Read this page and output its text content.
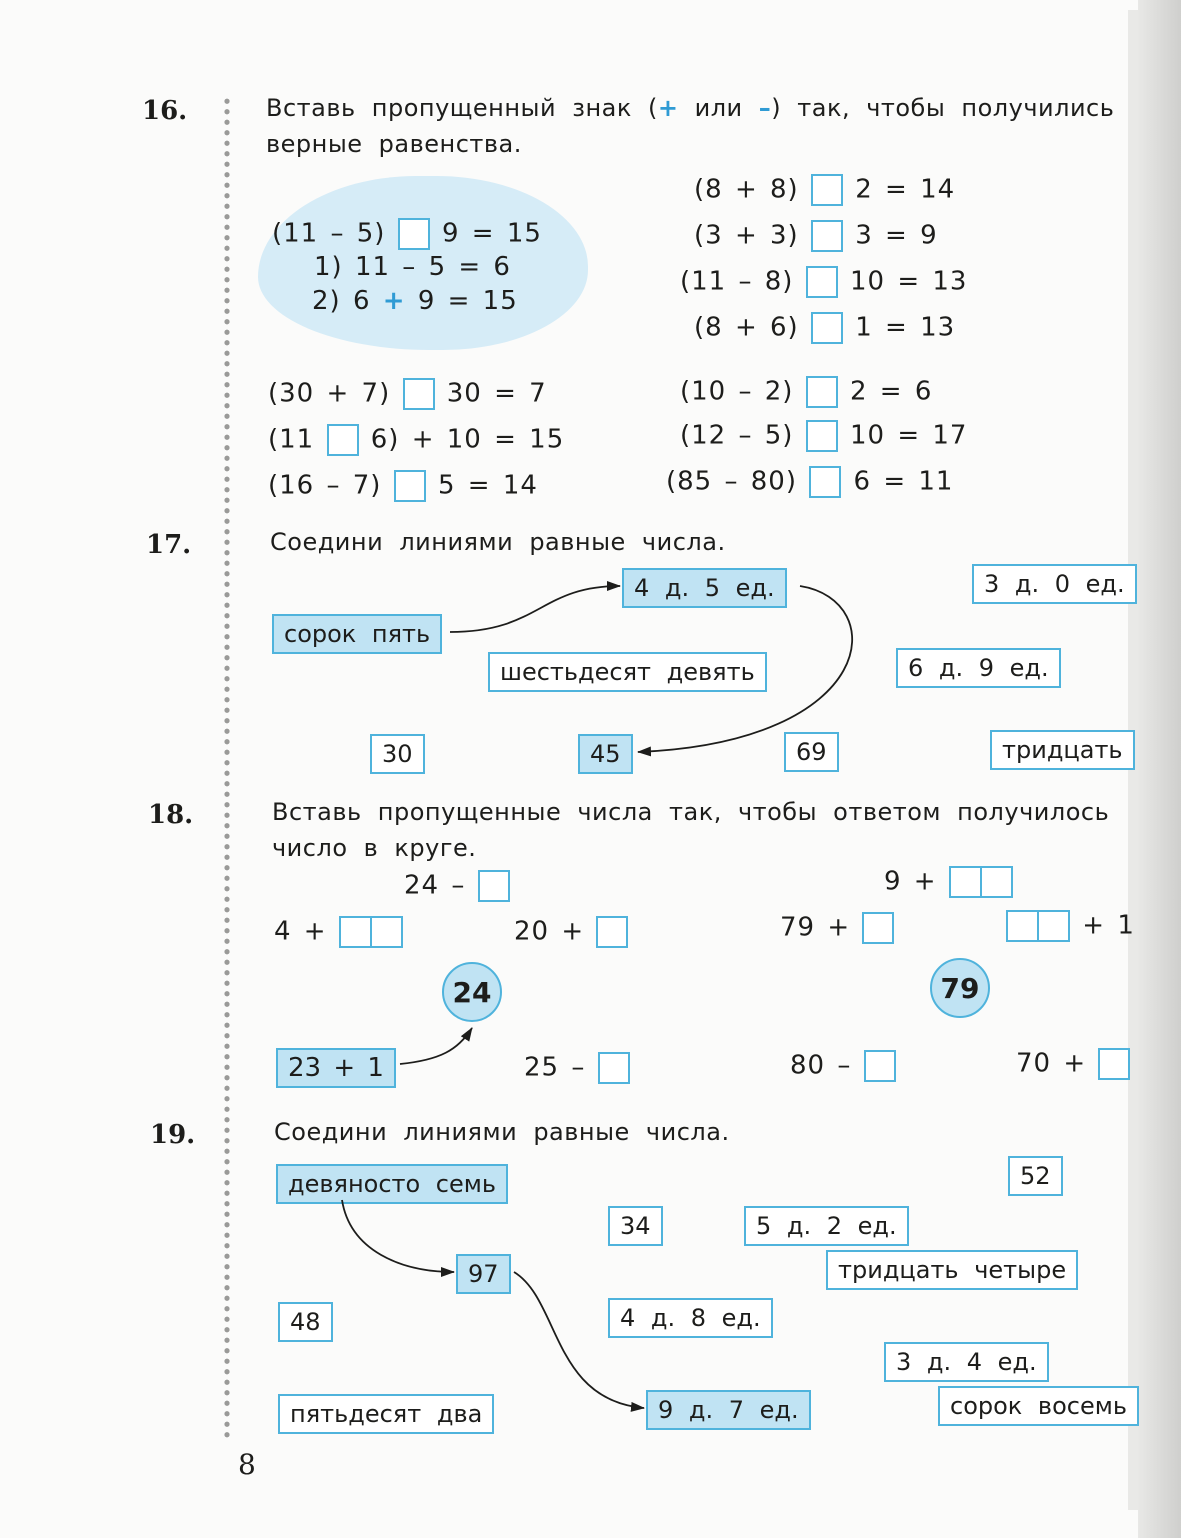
16.	Вставь пропущенный знак (+ или –) так, чтобы получились
верные равенства.
(11 – 5) 9 = 15
1) 11 – 5 = 6
2) 6 + 9 = 15
(30 + 7) 30 = 7
(11 6) + 10 = 15
(16 – 7) 5 = 14
(8 + 8) 2 = 14
(3 + 3) 3 = 9
(11 – 8) 10 = 13
(8 + 6) 1 = 13
(10 – 2) 2 = 6
(12 – 5) 10 = 17
(85 – 80) 6 = 11
17.	Соедини линиями равные числа.
4 д. 5 ед.	3 д. 0 ед.
сорок пять
шестьдесят девять	6 д. 9 ед.
30	45	69	тридцать
18.	Вставь пропущенные числа так, чтобы ответом получилось
число в круге.
24 –
4 +	20 +
9 +
79 +	+ 1
24	79
23 + 1	25 –	80 –	70 +
19.	Соедини линиями равные числа.
девяносто семь	52
34	5 д. 2 ед.
97	тридцать четыре
48	4 д. 8 ед.
3 д. 4 ед.
пятьдесят два	9 д. 7 ед.	сорок восемь
8
